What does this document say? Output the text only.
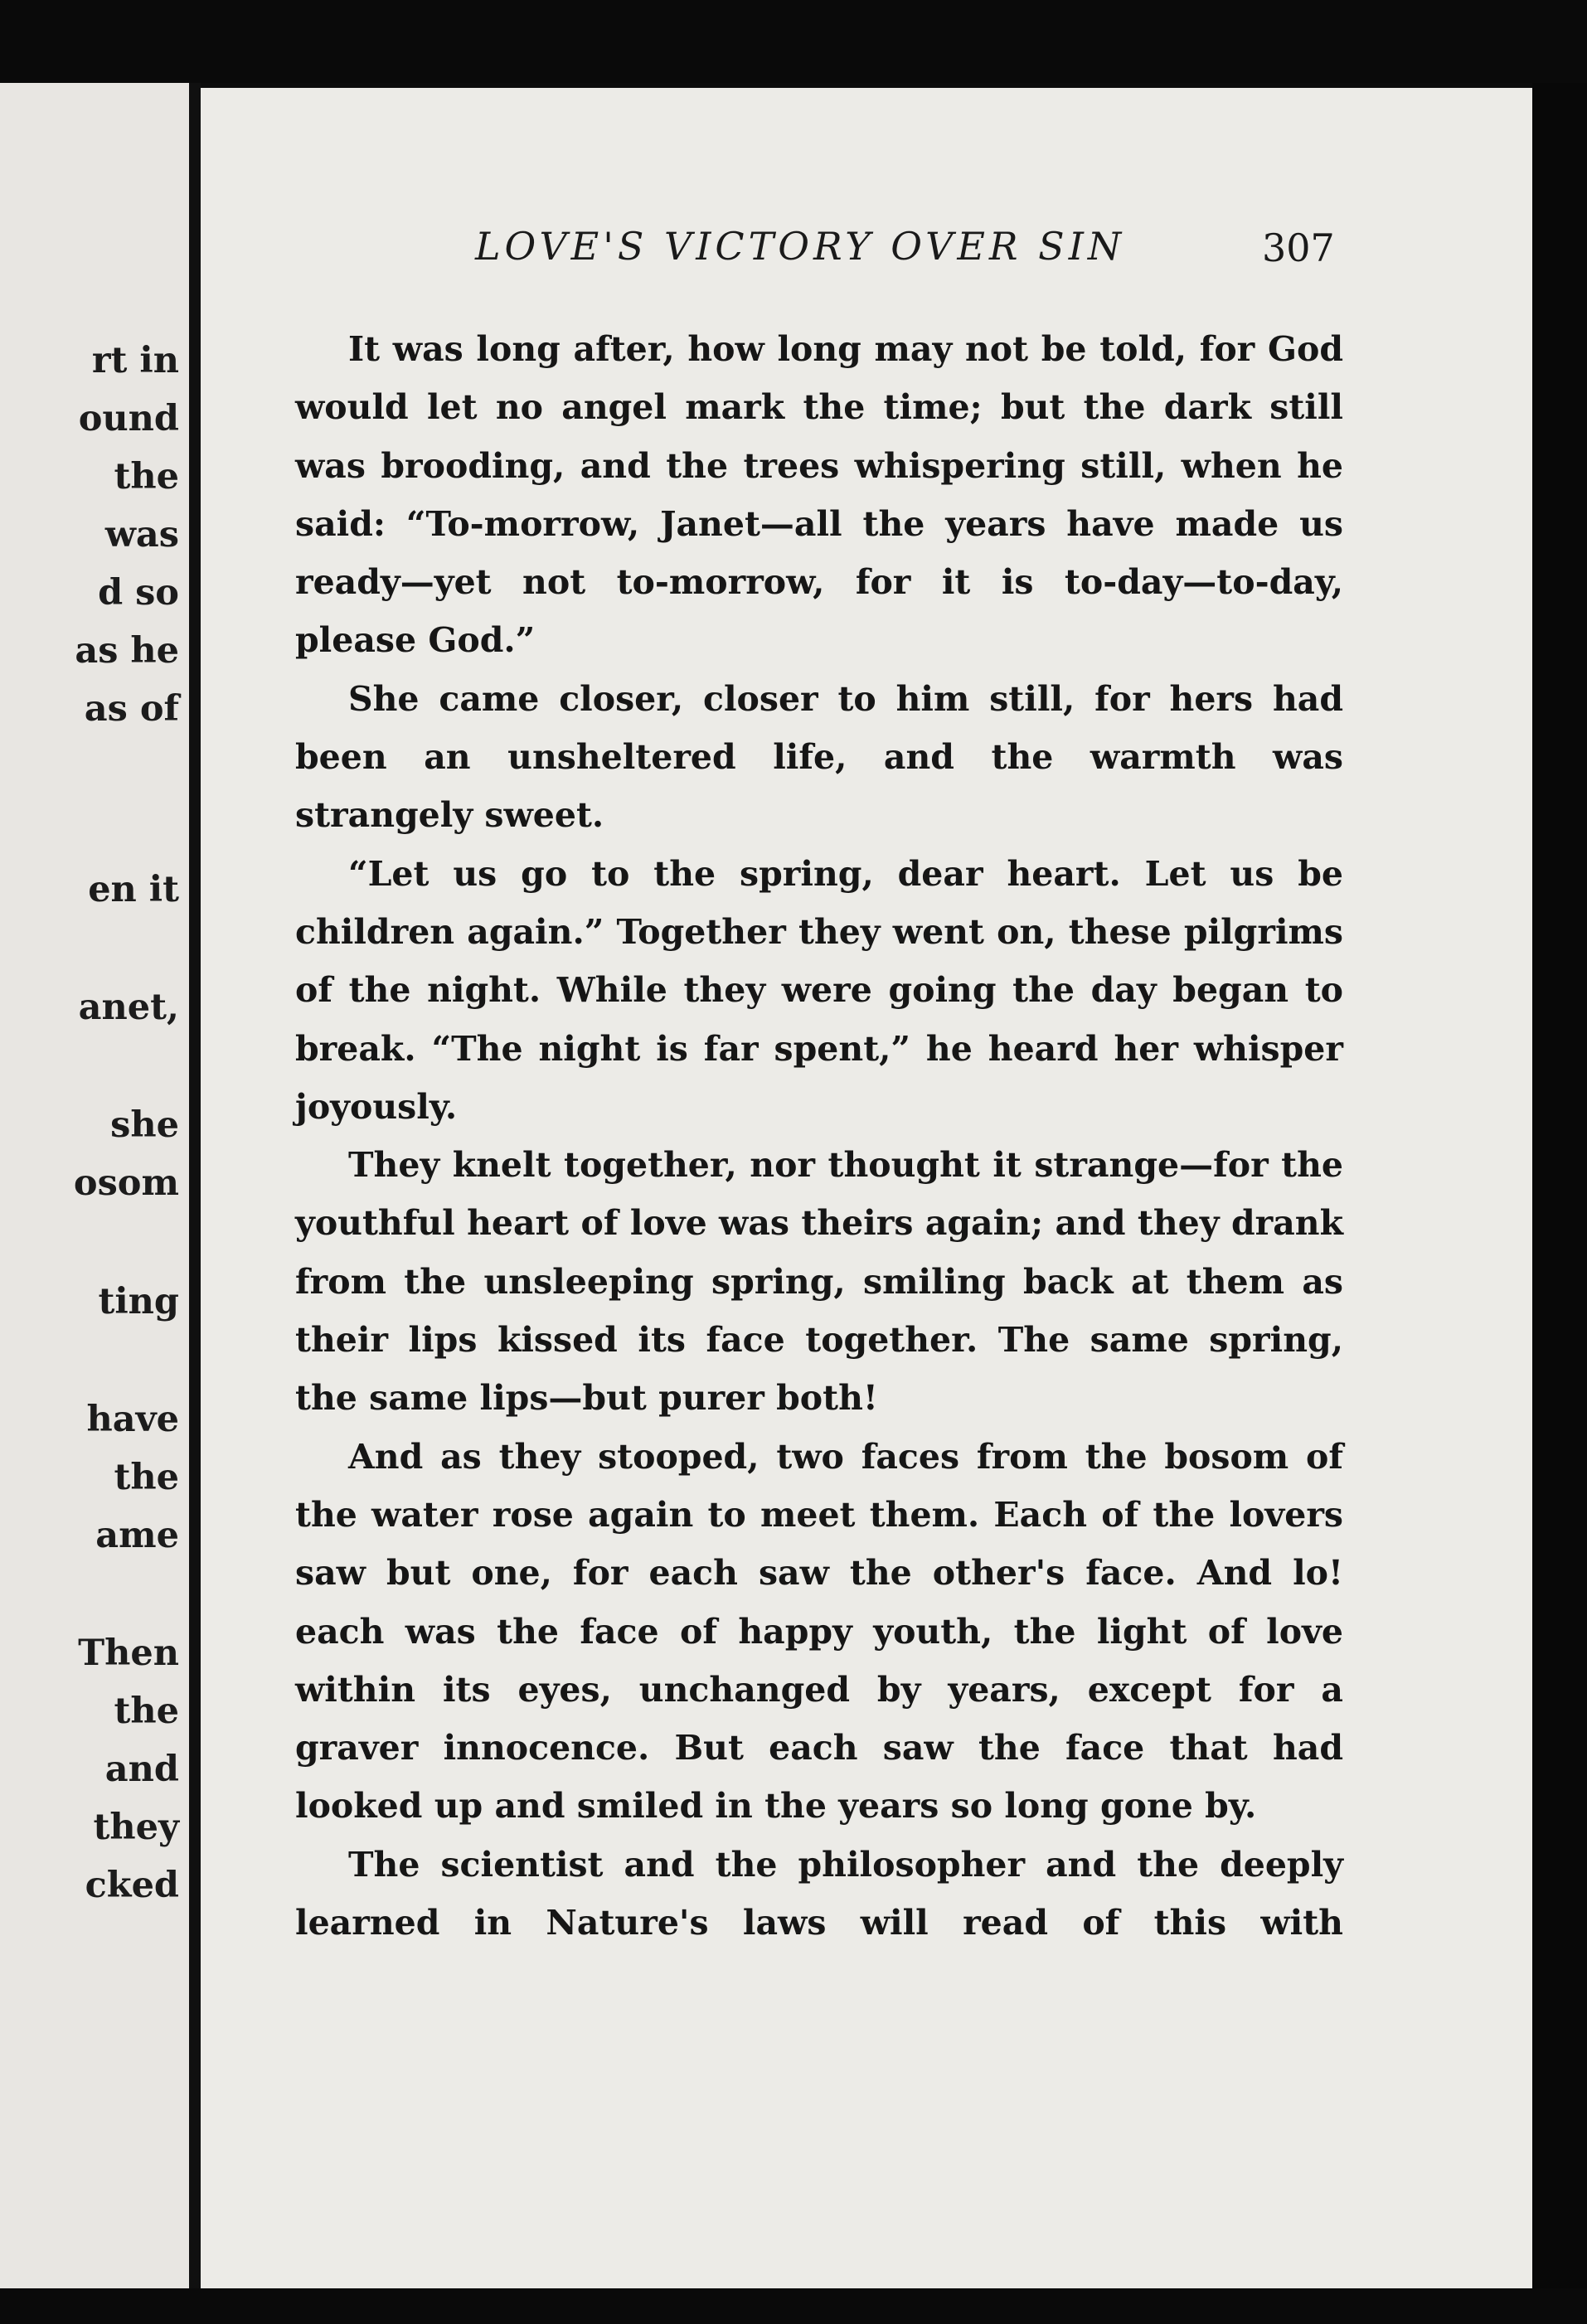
rt in
ound
the
was
d so
as he
as of
en it
anet,
she
osom
ting
have
the
ame
Then
the
and
they
cked
LOVE'S VICTORY OVER SIN	307

It was long after, how long may not be told, for God would let no angel mark the time; but the dark still was brooding, and the trees whispering still, when he said: “To-morrow, Janet—all the years have made us ready—yet not to-morrow, for it is to-day—to-day, please God.”

She came closer, closer to him still, for hers had been an unsheltered life, and the warmth was strangely sweet.

“Let us go to the spring, dear heart. Let us be children again.” Together they went on, these pilgrims of the night. While they were going the day began to break. “The night is far spent,” he heard her whisper joyously.

They knelt together, nor thought it strange—for the youthful heart of love was theirs again; and they drank from the unsleeping spring, smiling back at them as their lips kissed its face together. The same spring, the same lips—but purer both!

And as they stooped, two faces from the bosom of the water rose again to meet them. Each of the lovers saw but one, for each saw the other's face. And lo! each was the face of happy youth, the light of love within its eyes, unchanged by years, except for a graver innocence. But each saw the face that had looked up and smiled in the years so long gone by.

The scientist and the philosopher and the deeply learned in Nature's laws will read of this with
